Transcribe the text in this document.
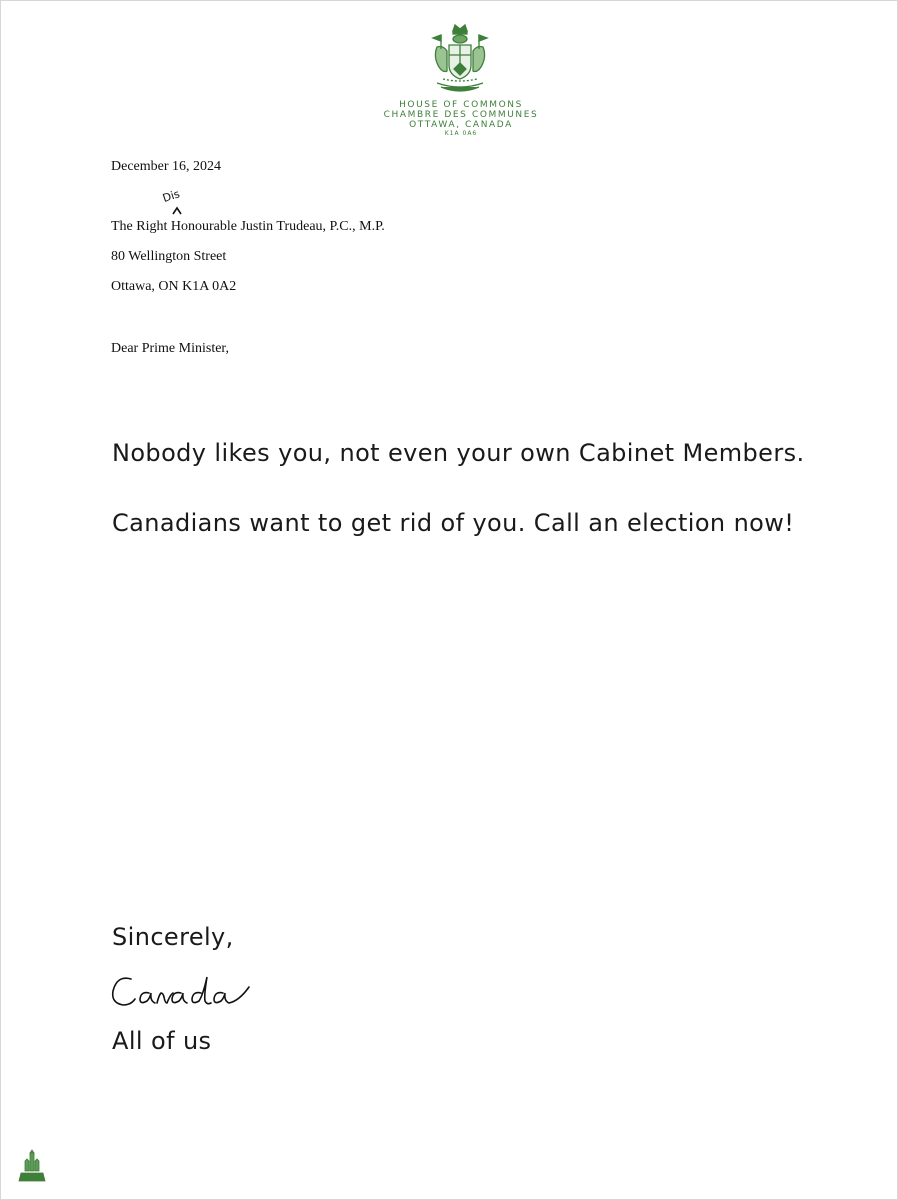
HOUSE OF COMMONS
CHAMBRE DES COMMUNES
OTTAWA, CANADA
K1A 0A6
December 16, 2024
Dis
The Right Honourable Justin Trudeau, P.C., M.P.
80 Wellington Street
Ottawa, ON K1A 0A2
Dear Prime Minister,
Nobody likes you, not even your own Cabinet Members.
Canadians want to get rid of you. Call an election now!
Sincerely,
All of us
